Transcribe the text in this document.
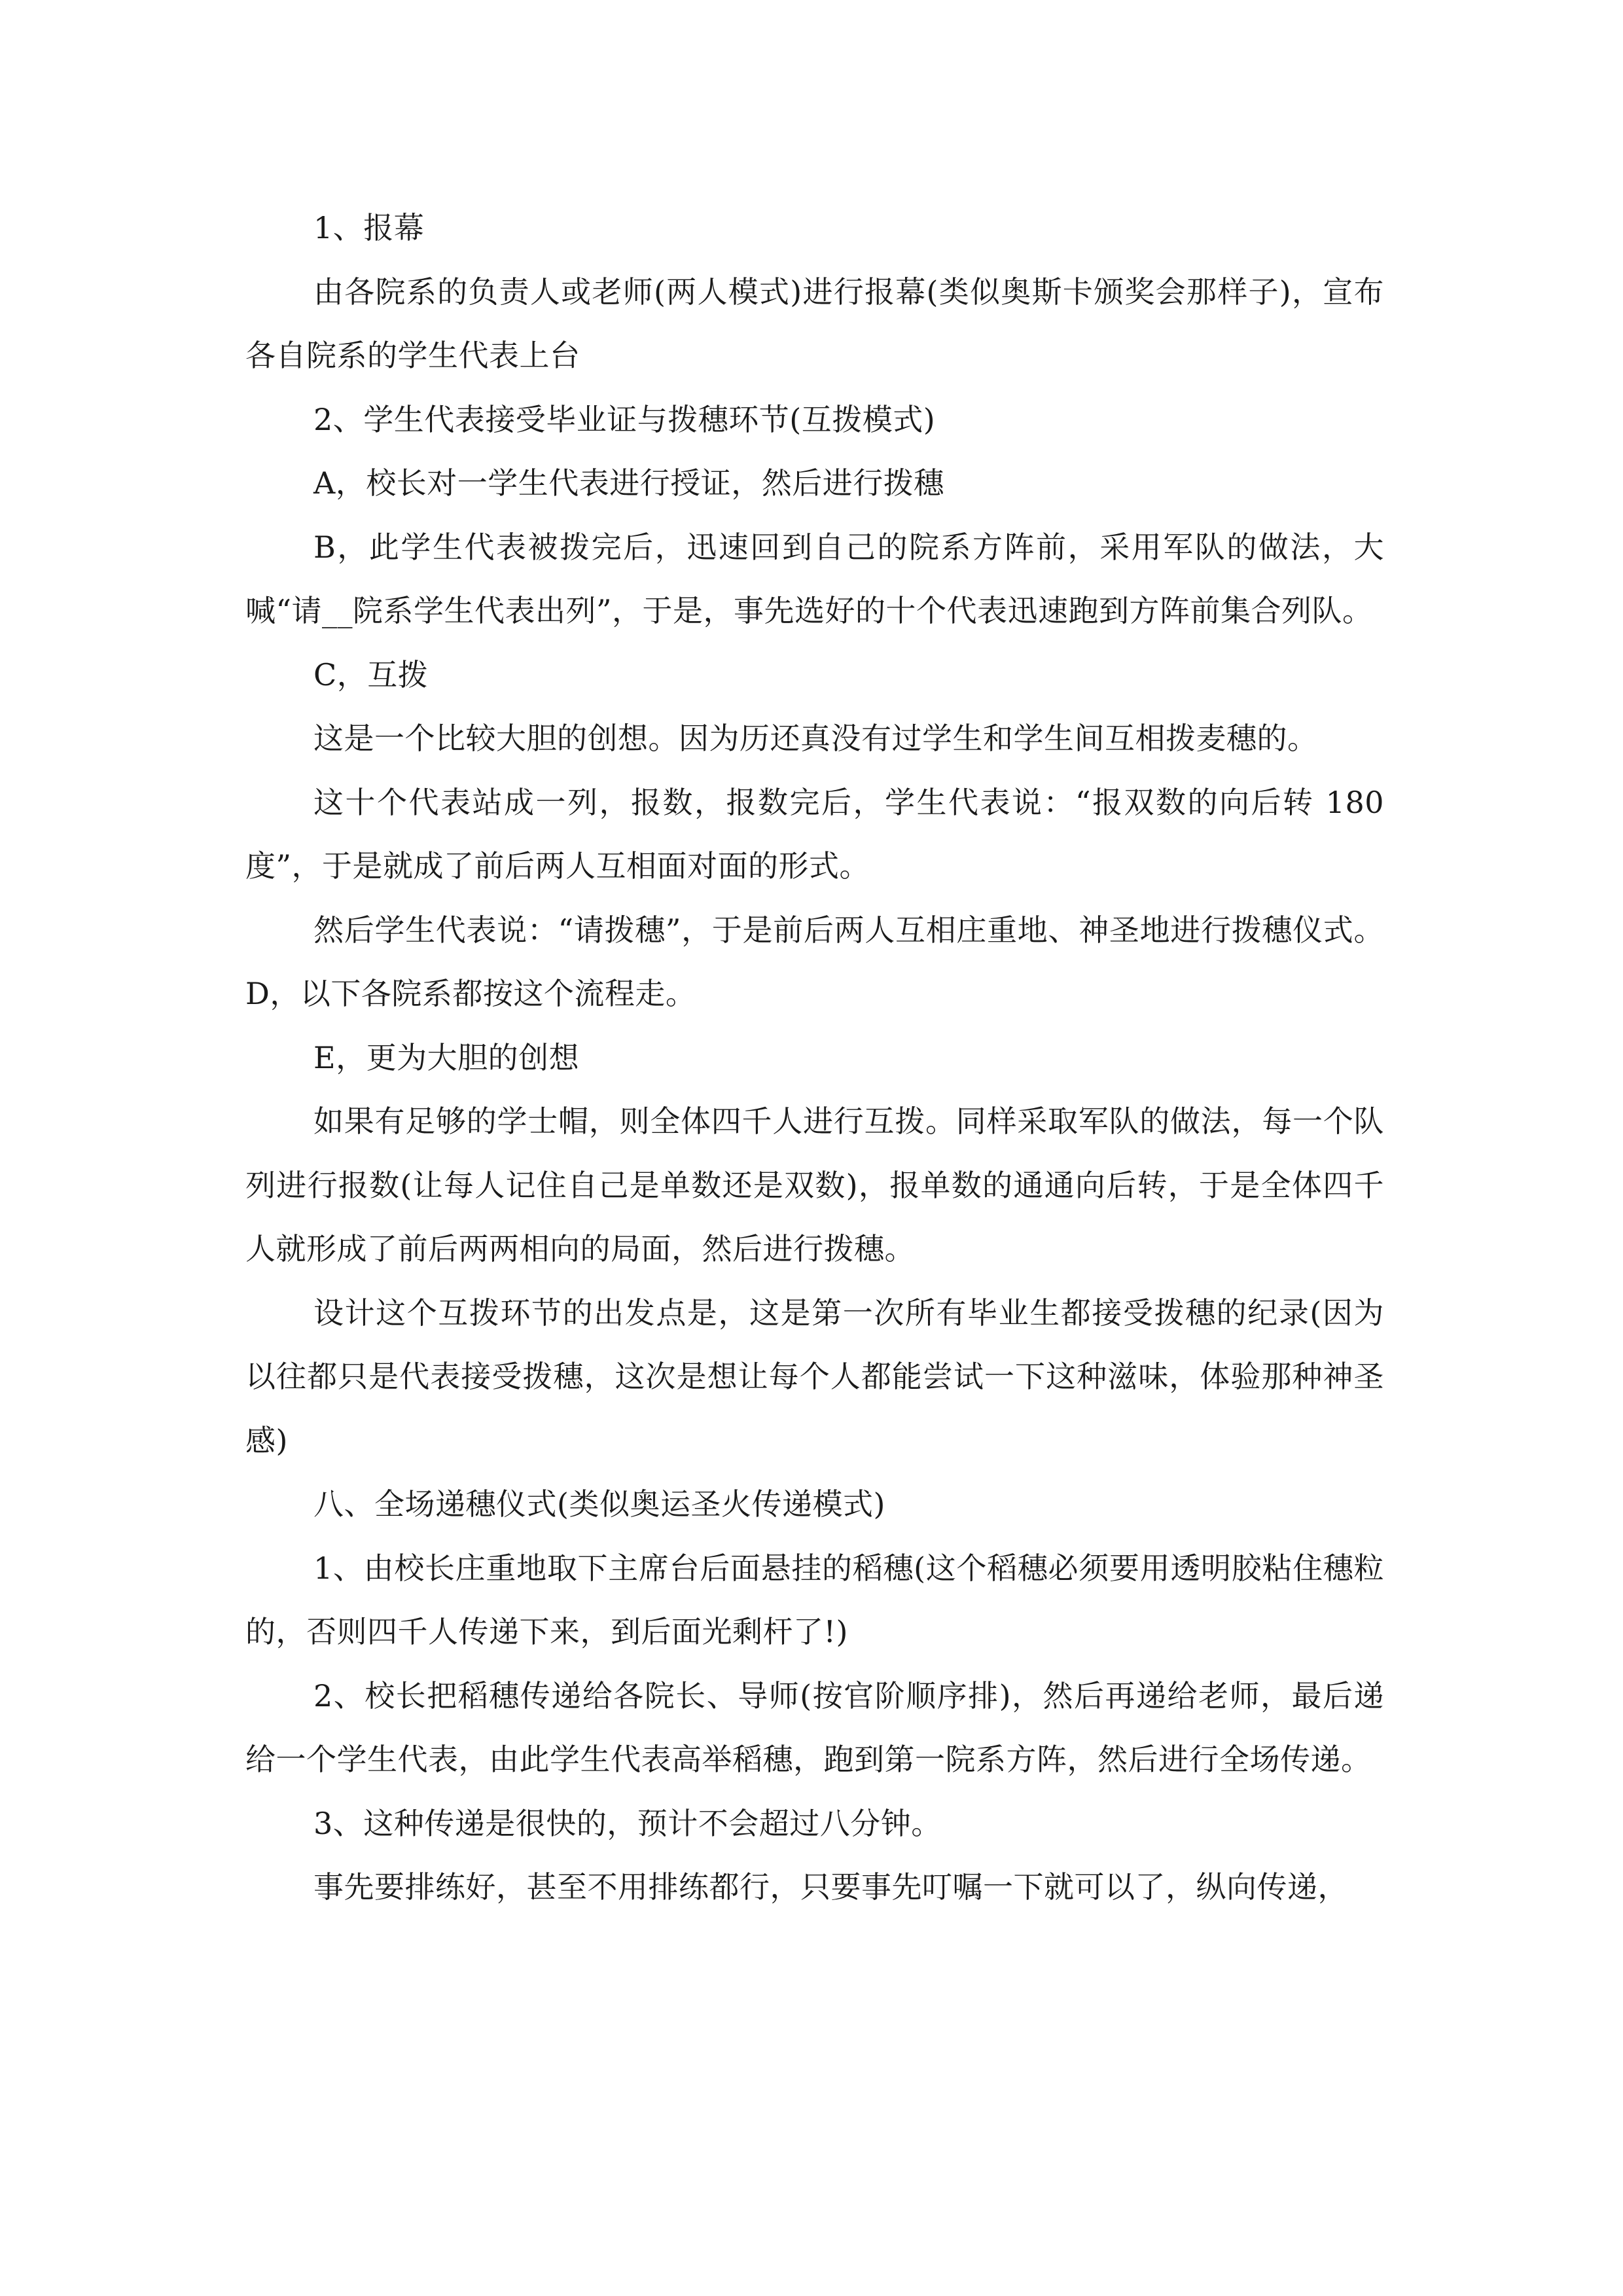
1、报幕

由各院系的负责人或老师(两人模式)进行报幕(类似奥斯卡颁奖会那样子)，宣布各自院系的学生代表上台

2、学生代表接受毕业证与拨穗环节(互拨模式)

A，校长对一学生代表进行授证，然后进行拨穗

B，此学生代表被拨完后，迅速回到自己的院系方阵前，采用军队的做法，大喊“请__院系学生代表出列”，于是，事先选好的十个代表迅速跑到方阵前集合列队。

C，互拨

这是一个比较大胆的创想。因为历还真没有过学生和学生间互相拨麦穗的。

这十个代表站成一列，报数，报数完后，学生代表说：“报双数的向后转 180 度”，于是就成了前后两人互相面对面的形式。

然后学生代表说：“请拨穗”，于是前后两人互相庄重地、神圣地进行拨穗仪式。 D，以下各院系都按这个流程走。

E，更为大胆的创想

如果有足够的学士帽，则全体四千人进行互拨。同样采取军队的做法，每一个队列进行报数(让每人记住自己是单数还是双数)，报单数的通通向后转，于是全体四千人就形成了前后两两相向的局面，然后进行拨穗。

设计这个互拨环节的出发点是，这是第一次所有毕业生都接受拨穗的纪录(因为以往都只是代表接受拨穗，这次是想让每个人都能尝试一下这种滋味，体验那种神圣感)

八、全场递穗仪式(类似奥运圣火传递模式)

1、由校长庄重地取下主席台后面悬挂的稻穗(这个稻穗必须要用透明胶粘住穗粒的，否则四千人传递下来，到后面光剩杆了!)

2、校长把稻穗传递给各院长、导师(按官阶顺序排)，然后再递给老师，最后递给一个学生代表，由此学生代表高举稻穗，跑到第一院系方阵，然后进行全场传递。

3、这种传递是很快的，预计不会超过八分钟。

事先要排练好，甚至不用排练都行，只要事先叮嘱一下就可以了，纵向传递，
